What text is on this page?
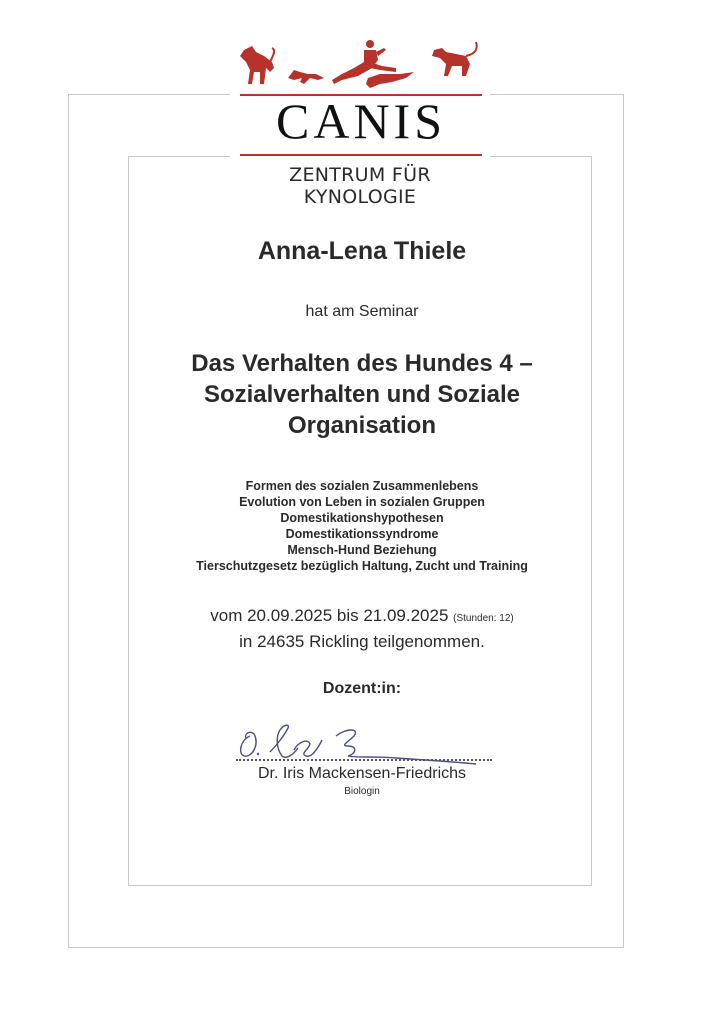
CANIS
ZENTRUM FÜR KYNOLOGIE
Anna-Lena Thiele
hat am Seminar
Das Verhalten des Hundes 4 –
Sozialverhalten und Soziale
Organisation
Formen des sozialen Zusammenlebens
Evolution von Leben in sozialen Gruppen
Domestikationshypothesen
Domestikationssyndrome
Mensch-Hund Beziehung
Tierschutzgesetz bezüglich Haltung, Zucht und Training
vom 20.09.2025 bis 21.09.2025 (Stunden: 12)
in 24635 Rickling teilgenommen.
Dozent:in:
Dr. Iris Mackensen-Friedrichs
Biologin
